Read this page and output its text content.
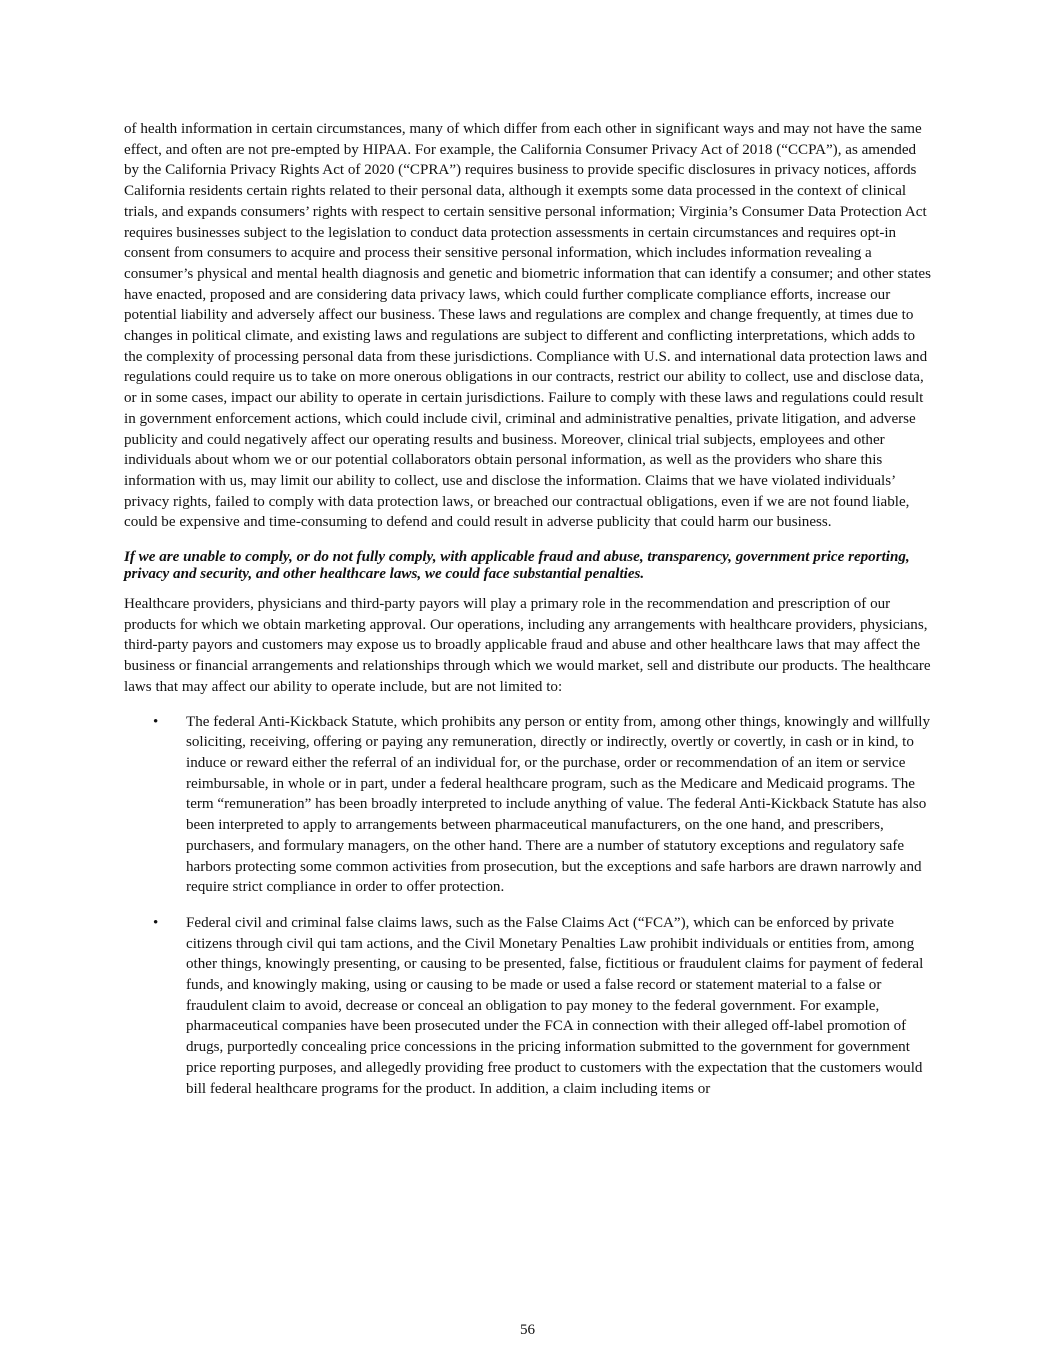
of health information in certain circumstances, many of which differ from each other in significant ways and may not have the same effect, and often are not pre-empted by HIPAA. For example, the California Consumer Privacy Act of 2018 (“CCPA”), as amended by the California Privacy Rights Act of 2020 (“CPRA”) requires business to provide specific disclosures in privacy notices, affords California residents certain rights related to their personal data, although it exempts some data processed in the context of clinical trials, and expands consumers’ rights with respect to certain sensitive personal information; Virginia’s Consumer Data Protection Act requires businesses subject to the legislation to conduct data protection assessments in certain circumstances and requires opt-in consent from consumers to acquire and process their sensitive personal information, which includes information revealing a consumer’s physical and mental health diagnosis and genetic and biometric information that can identify a consumer; and other states have enacted, proposed and are considering data privacy laws, which could further complicate compliance efforts, increase our potential liability and adversely affect our business. These laws and regulations are complex and change frequently, at times due to changes in political climate, and existing laws and regulations are subject to different and conflicting interpretations, which adds to the complexity of processing personal data from these jurisdictions. Compliance with U.S. and international data protection laws and regulations could require us to take on more onerous obligations in our contracts, restrict our ability to collect, use and disclose data, or in some cases, impact our ability to operate in certain jurisdictions. Failure to comply with these laws and regulations could result in government enforcement actions, which could include civil, criminal and administrative penalties, private litigation, and adverse publicity and could negatively affect our operating results and business. Moreover, clinical trial subjects, employees and other individuals about whom we or our potential collaborators obtain personal information, as well as the providers who share this information with us, may limit our ability to collect, use and disclose the information. Claims that we have violated individuals’ privacy rights, failed to comply with data protection laws, or breached our contractual obligations, even if we are not found liable, could be expensive and time-consuming to defend and could result in adverse publicity that could harm our business.

If we are unable to comply, or do not fully comply, with applicable fraud and abuse, transparency, government price reporting, privacy and security, and other healthcare laws, we could face substantial penalties.

Healthcare providers, physicians and third-party payors will play a primary role in the recommendation and prescription of our products for which we obtain marketing approval. Our operations, including any arrangements with healthcare providers, physicians, third-party payors and customers may expose us to broadly applicable fraud and abuse and other healthcare laws that may affect the business or financial arrangements and relationships through which we would market, sell and distribute our products. The healthcare laws that may affect our ability to operate include, but are not limited to:

• The federal Anti-Kickback Statute, which prohibits any person or entity from, among other things, knowingly and willfully soliciting, receiving, offering or paying any remuneration, directly or indirectly, overtly or covertly, in cash or in kind, to induce or reward either the referral of an individual for, or the purchase, order or recommendation of an item or service reimbursable, in whole or in part, under a federal healthcare program, such as the Medicare and Medicaid programs. The term “remuneration” has been broadly interpreted to include anything of value. The federal Anti-Kickback Statute has also been interpreted to apply to arrangements between pharmaceutical manufacturers, on the one hand, and prescribers, purchasers, and formulary managers, on the other hand. There are a number of statutory exceptions and regulatory safe harbors protecting some common activities from prosecution, but the exceptions and safe harbors are drawn narrowly and require strict compliance in order to offer protection.
• Federal civil and criminal false claims laws, such as the False Claims Act (“FCA”), which can be enforced by private citizens through civil qui tam actions, and the Civil Monetary Penalties Law prohibit individuals or entities from, among other things, knowingly presenting, or causing to be presented, false, fictitious or fraudulent claims for payment of federal funds, and knowingly making, using or causing to be made or used a false record or statement material to a false or fraudulent claim to avoid, decrease or conceal an obligation to pay money to the federal government. For example, pharmaceutical companies have been prosecuted under the FCA in connection with their alleged off-label promotion of drugs, purportedly concealing price concessions in the pricing information submitted to the government for government price reporting purposes, and allegedly providing free product to customers with the expectation that the customers would bill federal healthcare programs for the product. In addition, a claim including items or
56
